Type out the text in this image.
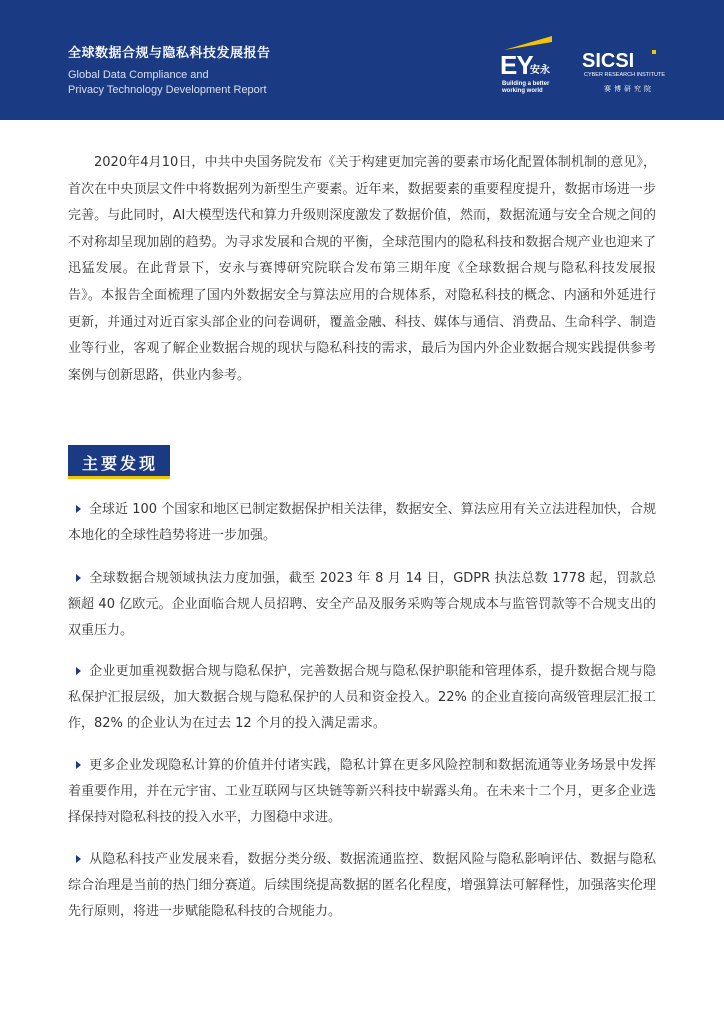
全球数据合规与隐私科技发展报告
Global Data Compliance and
Privacy Technology Development Report
EY
安永
Building a better
working world
SICSI
CYBER RESEARCH INSTITUTE
赛博研究院

2020年4月10日，中共中央国务院发布《关于构建更加完善的要素市场化配置体制机制的意见》，首次在中央顶层文件中将数据列为新型生产要素。近年来，数据要素的重要程度提升，数据市场进一步完善。与此同时，AI大模型迭代和算力升级则深度激发了数据价值，然而，数据流通与安全合规之间的不对称却呈现加剧的趋势。为寻求发展和合规的平衡，全球范围内的隐私科技和数据合规产业也迎来了迅猛发展。在此背景下，安永与赛博研究院联合发布第三期年度《全球数据合规与隐私科技发展报告》。本报告全面梳理了国内外数据安全与算法应用的合规体系，对隐私科技的概念、内涵和外延进行更新，并通过对近百家头部企业的问卷调研，覆盖金融、科技、媒体与通信、消费品、生命科学、制造业等行业，客观了解企业数据合规的现状与隐私科技的需求，最后为国内外企业数据合规实践提供参考案例与创新思路，供业内参考。

主要发现

全球近 100 个国家和地区已制定数据保护相关法律，数据安全、算法应用有关立法进程加快，合规本地化的全球性趋势将进一步加强。

全球数据合规领域执法力度加强，截至 2023 年 8 月 14 日，GDPR 执法总数 1778 起，罚款总额超 40 亿欧元。企业面临合规人员招聘、安全产品及服务采购等合规成本与监管罚款等不合规支出的双重压力。

企业更加重视数据合规与隐私保护，完善数据合规与隐私保护职能和管理体系，提升数据合规与隐私保护汇报层级，加大数据合规与隐私保护的人员和资金投入。22% 的企业直接向高级管理层汇报工作，82% 的企业认为在过去 12 个月的投入满足需求。

更多企业发现隐私计算的价值并付诸实践，隐私计算在更多风险控制和数据流通等业务场景中发挥着重要作用，并在元宇宙、工业互联网与区块链等新兴科技中崭露头角。在未来十二个月，更多企业选择保持对隐私科技的投入水平，力图稳中求进。

从隐私科技产业发展来看，数据分类分级、数据流通监控、数据风险与隐私影响评估、数据与隐私综合治理是当前的热门细分赛道。后续围绕提高数据的匿名化程度，增强算法可解释性，加强落实伦理先行原则，将进一步赋能隐私科技的合规能力。
